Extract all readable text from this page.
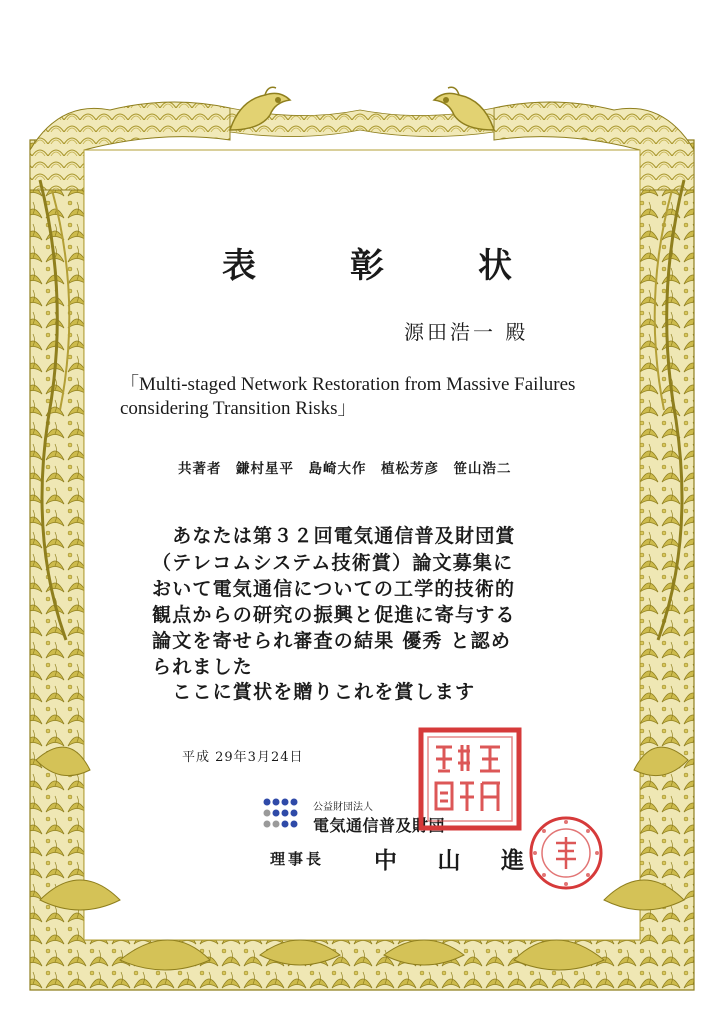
表	彰	状

源田浩一 殿

「Multi-staged Network Restoration from Massive Failures
considering Transition Risks」

共著者　鎌村星平　島崎大作　植松芳彦　笹山浩二

　あなたは第３２回電気通信普及財団賞

（テレコムシステム技術賞）論文募集に

おいて電気通信についての工学的技術的

観点からの研究の振興と促進に寄与する

論文を寄せられ審査の結果 優秀 と認め

られました

　ここに賞状を贈りこれを賞します

平成 29年3月24日

公益財団法人

電気通信普及財団

理事長 中 山 進
